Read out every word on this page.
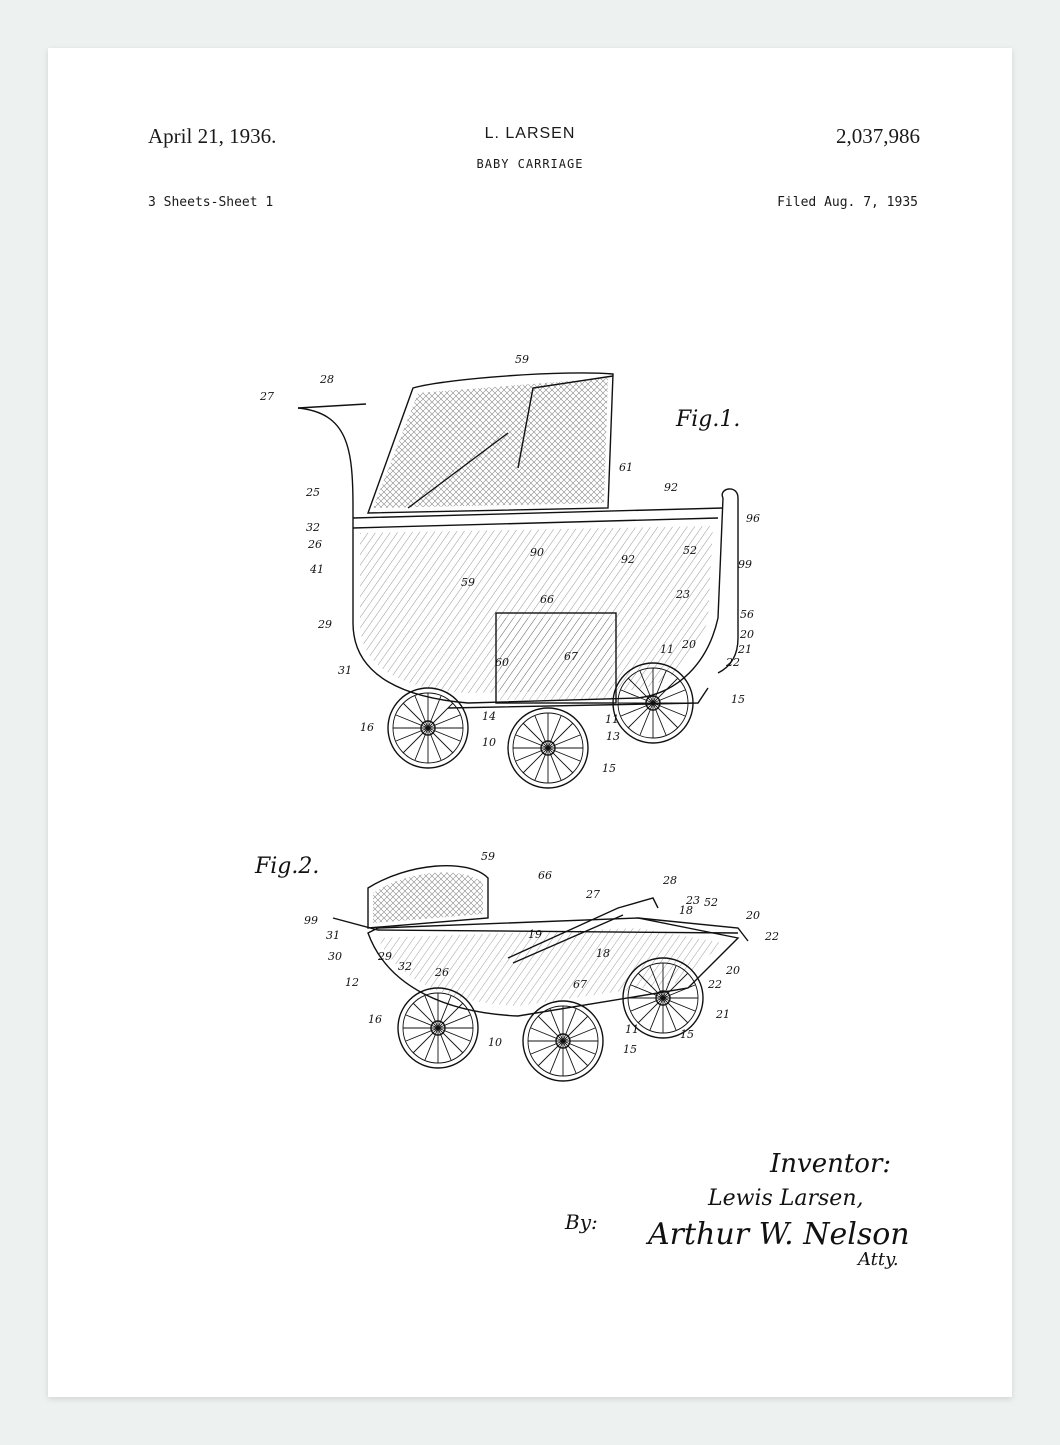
April 21, 1936.	L. LARSEN
BABY CARRIAGE
2,037,986
3 Sheets-Sheet 1	Filed Aug. 7, 1935
59
27
28
25
32
26
41
29
31
16
14
10	13
11
15
15
59
66
60	67
61
90
92
92
96
52
99
23
56
20
21
22
11 20
Fig.1.
59
66
27
28
23
18
52
20
22
99
31
30	29
32 26
19
18
67
20
22
12
16
10
11
15
21
15
Fig.2.
Inventor:
Lewis Larsen,
By: Arthur W. Nelson
Atty.
